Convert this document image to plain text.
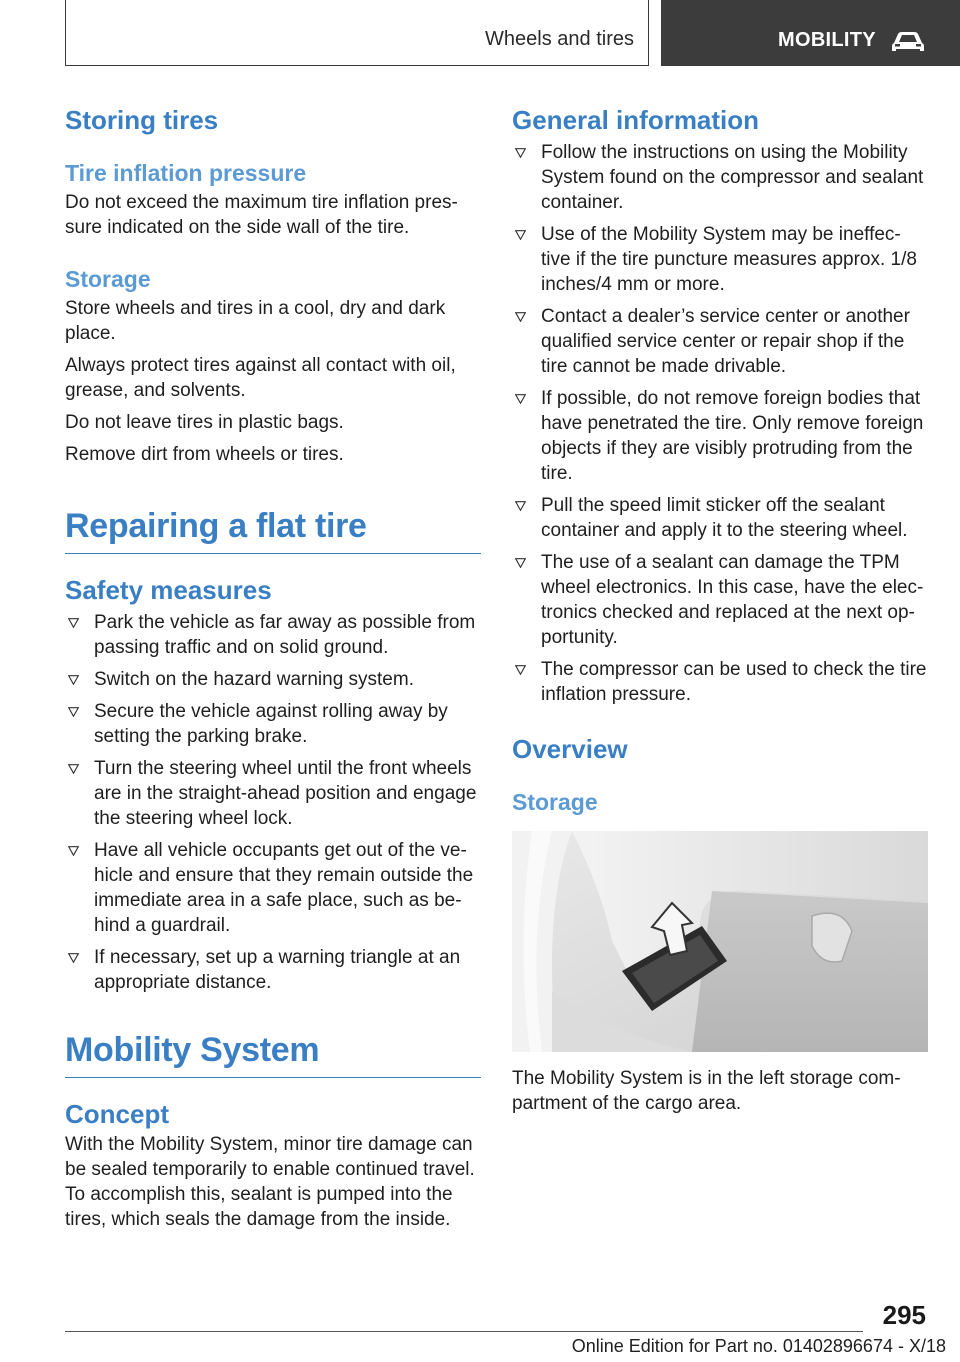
Wheels and tires	MOBILITY
Storing tires
Tire inflation pressure
Do not exceed the maximum tire inflation pres‐ sure indicated on the side wall of the tire.
Storage
Store wheels and tires in a cool, dry and dark place.
Always protect tires against all contact with oil, grease, and solvents.
Do not leave tires in plastic bags.
Remove dirt from wheels or tires.
Repairing a flat tire
Safety measures
Park the vehicle as far away as possible from passing traffic and on solid ground.
Switch on the hazard warning system.
Secure the vehicle against rolling away by setting the parking brake.
Turn the steering wheel until the front wheels are in the straight-ahead position and engage the steering wheel lock.
Have all vehicle occupants get out of the ve‐ hicle and ensure that they remain outside the immediate area in a safe place, such as be‐ hind a guardrail.
If necessary, set up a warning triangle at an appropriate distance.
Mobility System
Concept
With the Mobility System, minor tire damage can be sealed temporarily to enable continued travel. To accomplish this, sealant is pumped into the tires, which seals the damage from the inside.
General information
Follow the instructions on using the Mobility System found on the compressor and sealant container.
Use of the Mobility System may be ineffec‐ tive if the tire puncture measures approx. 1/8 inches/4 mm or more.
Contact a dealer’s service center or another qualified service center or repair shop if the tire cannot be made drivable.
If possible, do not remove foreign bodies that have penetrated the tire. Only remove foreign objects if they are visibly protruding from the tire.
Pull the speed limit sticker off the sealant container and apply it to the steering wheel.
The use of a sealant can damage the TPM wheel electronics. In this case, have the elec‐ tronics checked and replaced at the next op‐ portunity.
The compressor can be used to check the tire inflation pressure.
Overview
Storage
The Mobility System is in the left storage com‐ partment of the cargo area.
295
Online Edition for Part no. 01402896674 - X/18
